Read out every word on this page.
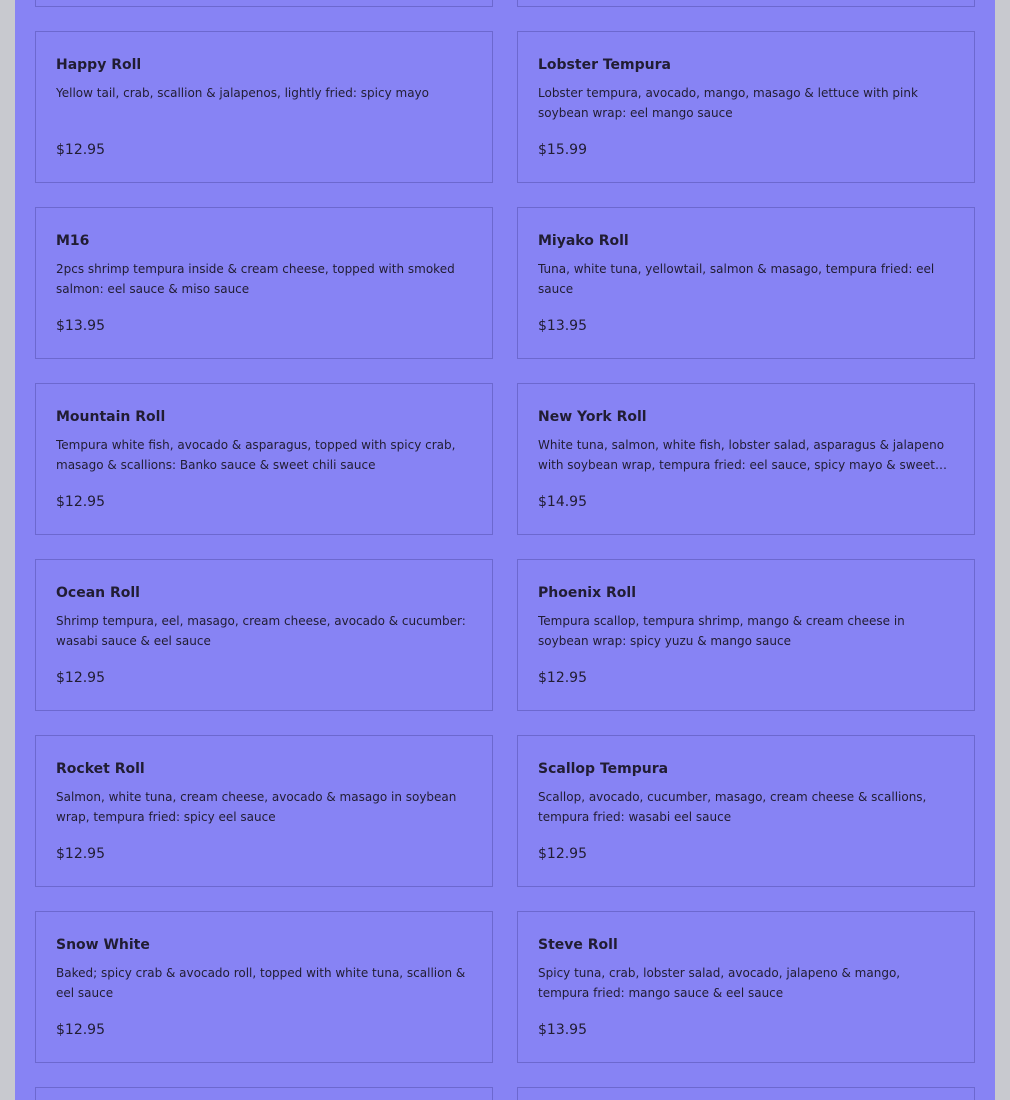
Happy Roll
Yellow tail, crab, scallion & jalapenos, lightly fried: spicy mayo
$12.95
Lobster Tempura
Lobster tempura, avocado, mango, masago & lettuce with pink soybean wrap: eel mango sauce
$15.99
M16
2pcs shrimp tempura inside & cream cheese, topped with smoked salmon: eel sauce & miso sauce
$13.95
Miyako Roll
Tuna, white tuna, yellowtail, salmon & masago, tempura fried: eel sauce
$13.95
Mountain Roll
Tempura white fish, avocado & asparagus, topped with spicy crab, masago & scallions: Banko sauce & sweet chili sauce
$12.95
New York Roll
White tuna, salmon, white fish, lobster salad, asparagus & jalapeno with soybean wrap, tempura fried: eel sauce, spicy mayo & sweet…
$14.95
Ocean Roll
Shrimp tempura, eel, masago, cream cheese, avocado & cucumber: wasabi sauce & eel sauce
$12.95
Phoenix Roll
Tempura scallop, tempura shrimp, mango & cream cheese in soybean wrap: spicy yuzu & mango sauce
$12.95
Rocket Roll
Salmon, white tuna, cream cheese, avocado & masago in soybean wrap, tempura fried: spicy eel sauce
$12.95
Scallop Tempura
Scallop, avocado, cucumber, masago, cream cheese & scallions, tempura fried: wasabi eel sauce
$12.95
Snow White
Baked; spicy crab & avocado roll, topped with white tuna, scallion & eel sauce
$12.95
Steve Roll
Spicy tuna, crab, lobster salad, avocado, jalapeno & mango, tempura fried: mango sauce & eel sauce
$13.95
